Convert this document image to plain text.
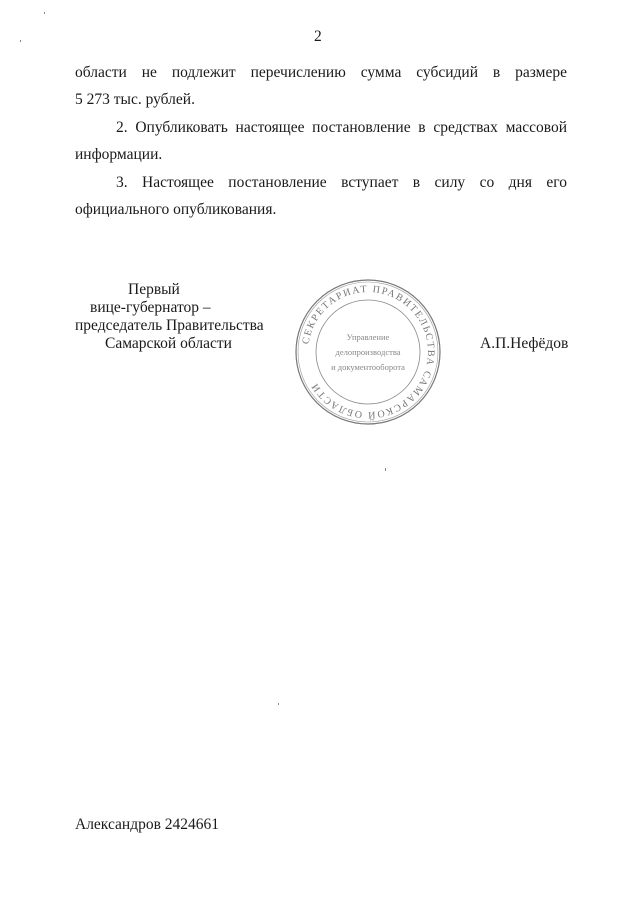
2
области не подлежит перечислению сумма субсидий в размере
5 273 тыс. рублей.
2. Опубликовать настоящее постановление в средствах массовой
информации.
3. Настоящее постановление вступает в силу со дня его
официального опубликования.
СЕКРЕТАРИАТ ПРАВИТЕЛЬСТВА САМАРСКОЙ ОБЛАСТИ
Управление
делопроизводства
и документооборота
Первый
вице-губернатор –
председатель Правительства
Самарской области	А.П.Нефёдов
Александров 2424661
